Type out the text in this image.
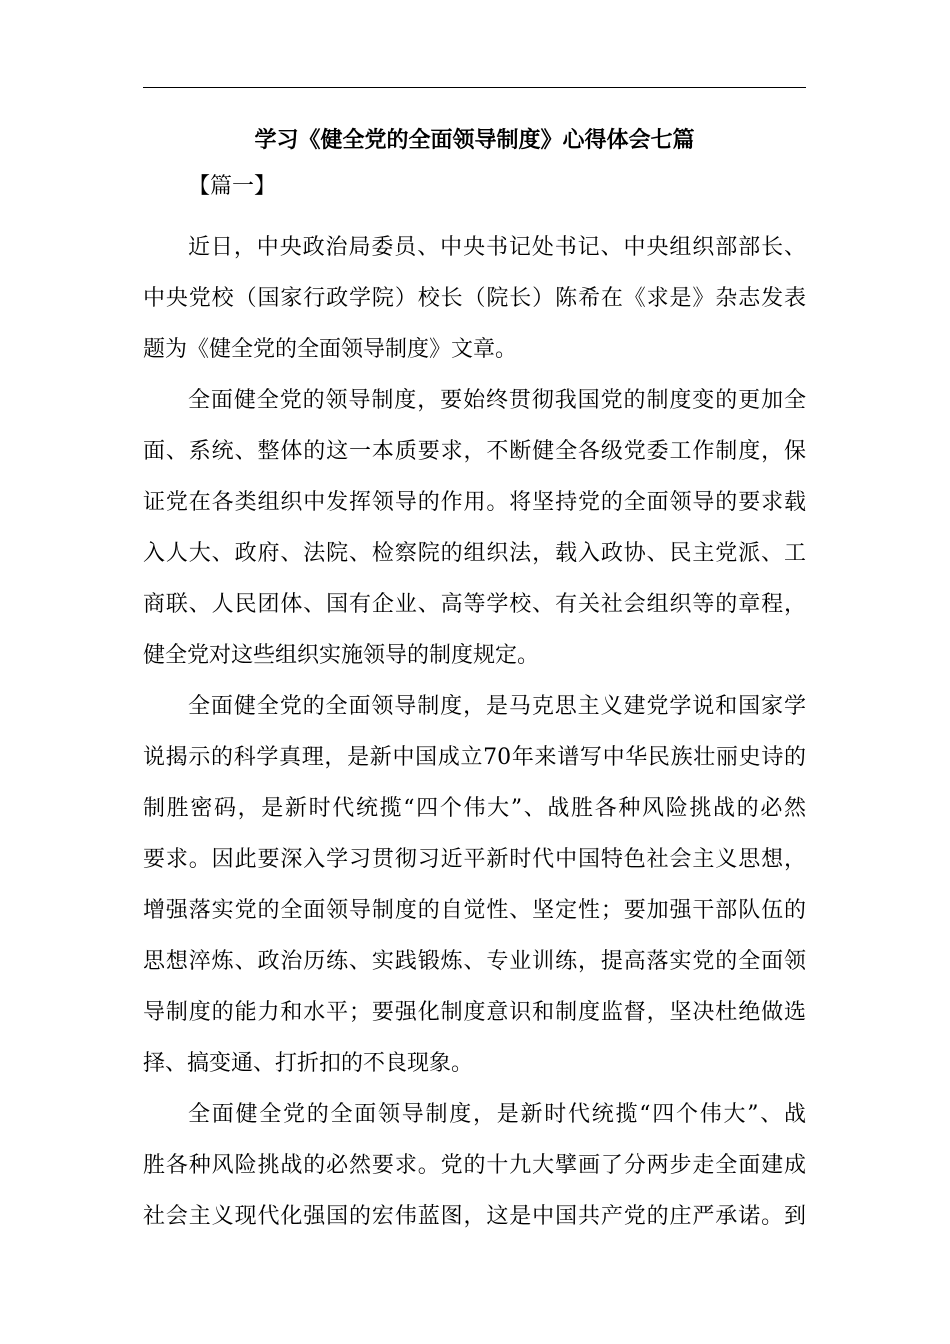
学习《健全党的全面领导制度》心得体会七篇
【篇一】

近日，中央政治局委员、中央书记处书记、中央组织部部长、
中央党校（国家行政学院）校长（院长）陈希在《求是》杂志发表
题为《健全党的全面领导制度》文章。

全面健全党的领导制度，要始终贯彻我国党的制度变的更加全
面、系统、整体的这一本质要求，不断健全各级党委工作制度，保
证党在各类组织中发挥领导的作用。将坚持党的全面领导的要求载
入人大、政府、法院、检察院的组织法，载入政协、民主党派、工
商联、人民团体、国有企业、高等学校、有关社会组织等的章程，
健全党对这些组织实施领导的制度规定。

全面健全党的全面领导制度，是马克思主义建党学说和国家学
说揭示的科学真理，是新中国成立70年来谱写中华民族壮丽史诗的
制胜密码，是新时代统揽“四个伟大”、战胜各种风险挑战的必然
要求。因此要深入学习贯彻习近平新时代中国特色社会主义思想，
增强落实党的全面领导制度的自觉性、坚定性；要加强干部队伍的
思想淬炼、政治历练、实践锻炼、专业训练，提高落实党的全面领
导制度的能力和水平；要强化制度意识和制度监督，坚决杜绝做选
择、搞变通、打折扣的不良现象。

全面健全党的全面领导制度，是新时代统揽“四个伟大”、战
胜各种风险挑战的必然要求。党的十九大擘画了分两步走全面建成
社会主义现代化强国的宏伟蓝图，这是中国共产党的庄严承诺。到
